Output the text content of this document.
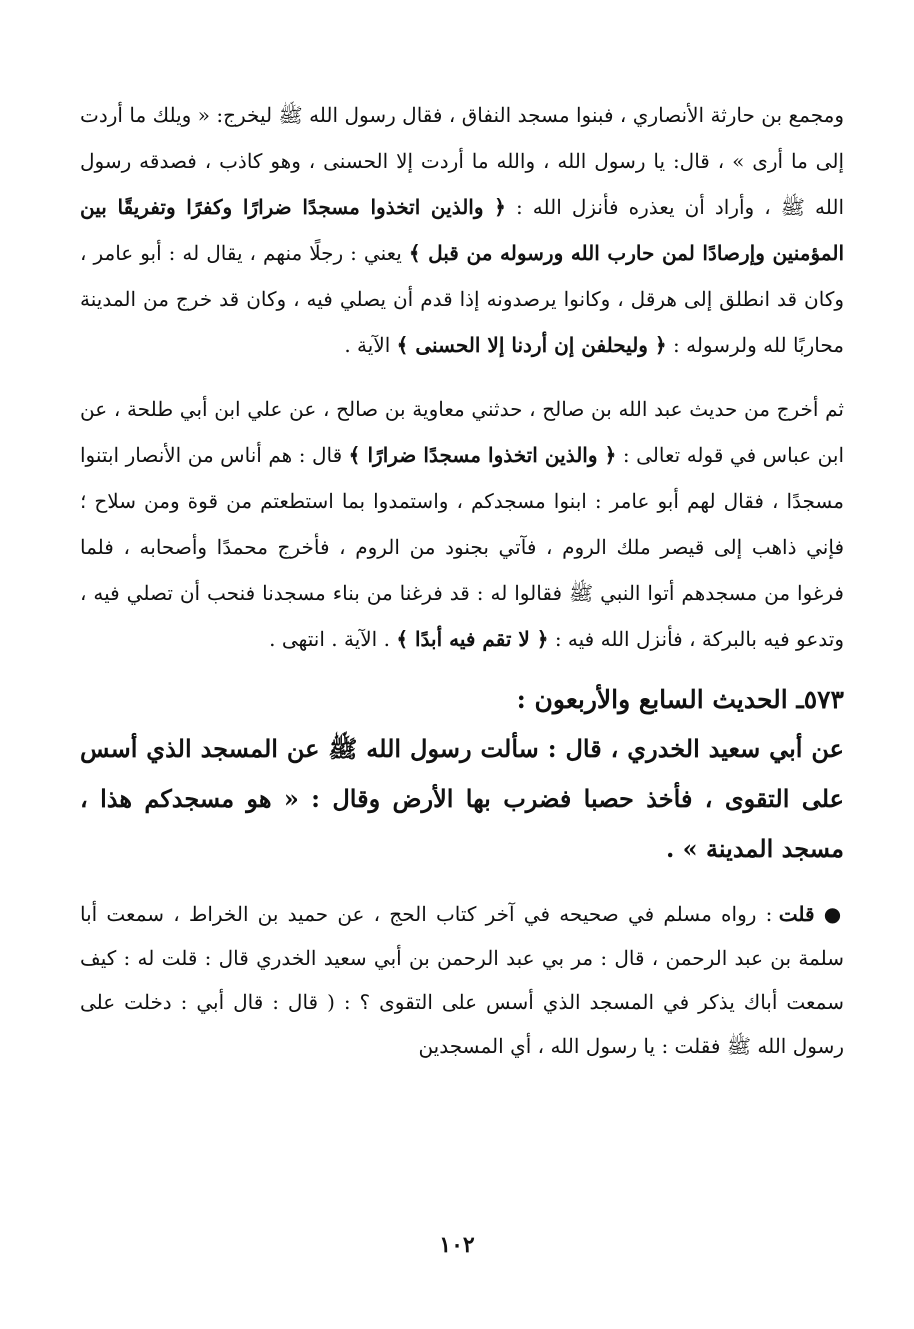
ومجمع بن حارثة الأنصاري ، فبنوا مسجد النفاق ، فقال رسول الله ﷺ ليخرج: « ويلك ما أردت إلى ما أرى » ، قال: يا رسول الله ، والله ما أردت إلا الحسنى ، وهو كاذب ، فصدقه رسول الله ﷺ ، وأراد أن يعذره فأنزل الله : ﴿ والذين اتخذوا مسجدًا ضرارًا وكفرًا وتفريقًا بين المؤمنين وإرصادًا لمن حارب الله ورسوله من قبل ﴾ يعني : رجلًا منهم ، يقال له : أبو عامر ، وكان قد انطلق إلى هرقل ، وكانوا يرصدونه إذا قدم أن يصلي فيه ، وكان قد خرج من المدينة محاربًا لله ولرسوله : ﴿ وليحلفن إن أردنا إلا الحسنى ﴾ الآية .

ثم أخرج من حديث عبد الله بن صالح ، حدثني معاوية بن صالح ، عن علي ابن أبي طلحة ، عن ابن عباس في قوله تعالى : ﴿ والذين اتخذوا مسجدًا ضرارًا ﴾ قال : هم أناس من الأنصار ابتنوا مسجدًا ، فقال لهم أبو عامر : ابنوا مسجدكم ، واستمدوا بما استطعتم من قوة ومن سلاح ؛ فإني ذاهب إلى قيصر ملك الروم ، فآتي بجنود من الروم ، فأخرج محمدًا وأصحابه ، فلما فرغوا من مسجدهم أتوا النبي ﷺ فقالوا له : قد فرغنا من بناء مسجدنا فنحب أن تصلي فيه ، وتدعو فيه بالبركة ، فأنزل الله فيه : ﴿ لا تقم فيه أبدًا ﴾ . الآية . انتهى .

٥٧٣ـ الحديث السابع والأربعون :

عن أبي سعيد الخدري ، قال : سألت رسول الله ﷺ عن المسجد الذي أسس على التقوى ، فأخذ حصبا فضرب بها الأرض وقال : « هو مسجدكم هذا ، مسجد المدينة » .

● قلت : رواه مسلم في صحيحه في آخر كتاب الحج ، عن حميد بن الخراط ، سمعت أبا سلمة بن عبد الرحمن ، قال : مر بي عبد الرحمن بن أبي سعيد الخدري قال : قلت له : كيف سمعت أباك يذكر في المسجد الذي أسس على التقوى ؟ : ( قال : قال أبي : دخلت على رسول الله ﷺ فقلت : يا رسول الله ، أي المسجدين

١٠٢
